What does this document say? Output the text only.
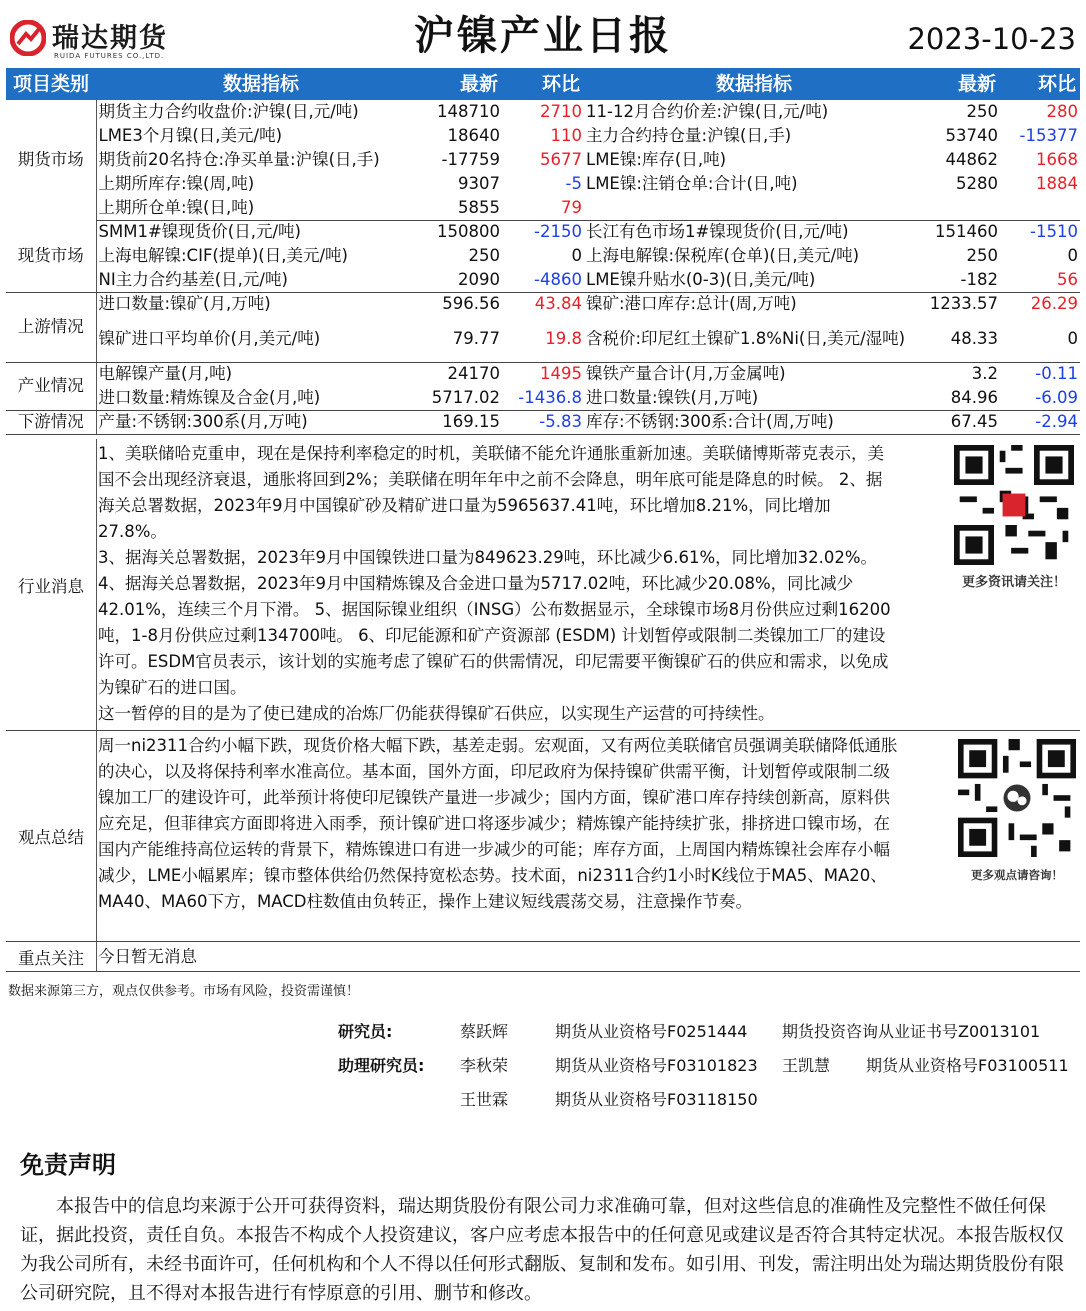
瑞达期货
RUIDA FUTURES CO.,LTD.	沪镍产业日报	2023-10-23
项目类别	数据指标	最新	环比	数据指标	最新	环比
期货市场	期货主力合约收盘价:沪镍(日,元/吨)	148710	2710	11-12月合约价差:沪镍(日,元/吨)	250	280
	LME3个月镍(日,美元/吨)	18640	110	主力合约持仓量:沪镍(日,手)	53740	-15377
	期货前20名持仓:净买单量:沪镍(日,手)	-17759	5677	LME镍:库存(日,吨)	44862	1668
	上期所库存:镍(周,吨)	9307	-5	LME镍:注销仓单:合计(日,吨)	5280	1884
	上期所仓单:镍(日,吨)	5855	79			
现货市场	SMM1#镍现货价(日,元/吨)	150800	-2150	长江有色市场1#镍现货价(日,元/吨)	151460	-1510
	上海电解镍:CIF(提单)(日,美元/吨)	250	0	上海电解镍:保税库(仓单)(日,美元/吨)	250	0
	NI主力合约基差(日,元/吨)	2090	-4860	LME镍升贴水(0-3)(日,美元/吨)	-182	56
上游情况	进口数量:镍矿(月,万吨)	596.56	43.84	镍矿:港口库存:总计(周,万吨)	1233.57	26.29
	镍矿进口平均单价(月,美元/吨)	79.77	19.8	含税价:印尼红土镍矿1.8%Ni(日,美元/湿吨)	48.33	0
产业情况	电解镍产量(月,吨)	24170	1495	镍铁产量合计(月,万金属吨)	3.2	-0.11
	进口数量:精炼镍及合金(月,吨)	5717.02	-1436.8	进口数量:镍铁(月,万吨)	84.96	-6.09
下游情况	产量:不锈钢:300系(月,万吨)	169.15	-5.83	库存:不锈钢:300系:合计(周,万吨)	67.45	-2.94
行业消息

1、美联储哈克重申，现在是保持利率稳定的时机，美联储不能允许通胀重新加速。美联储博斯蒂克表示，美国不会出现经济衰退，通胀将回到2%；美联储在明年年中之前不会降息，明年底可能是降息的时候。 2、据海关总署数据，2023年9月中国镍矿砂及精矿进口量为5965637.41吨，环比增加8.21%，同比增加27.8%。

3、据海关总署数据，2023年9月中国镍铁进口量为849623.29吨，环比减少6.61%，同比增加32.02%。 4、据海关总署数据，2023年9月中国精炼镍及合金进口量为5717.02吨，环比减少20.08%，同比减少42.01%，连续三个月下滑。 5、据国际镍业组织（INSG）公布数据显示，全球镍市场8月份供应过剩16200吨，1-8月份供应过剩134700吨。 6、印尼能源和矿产资源部 (ESDM) 计划暂停或限制二类镍加工厂的建设许可。ESDM官员表示，该计划的实施考虑了镍矿石的供需情况，印尼需要平衡镍矿石的供应和需求，以免成为镍矿石的进口国。

这一暂停的目的是为了使已建成的冶炼厂仍能获得镍矿石供应，以实现生产运营的可持续性。

更多资讯请关注！
观点总结
周一ni2311合约小幅下跌，现货价格大幅下跌，基差走弱。宏观面，又有两位美联储官员强调美联储降低通胀的决心，以及将保持利率水准高位。基本面，国外方面，印尼政府为保持镍矿供需平衡，计划暂停或限制二级镍加工厂的建设许可，此举预计将使印尼镍铁产量进一步减少；国内方面，镍矿港口库存持续创新高，原料供应充足，但菲律宾方面即将进入雨季，预计镍矿进口将逐步减少；精炼镍产能持续扩张，排挤进口镍市场，在国内产能维持高位运转的背景下，精炼镍进口有进一步减少的可能；库存方面，上周国内精炼镍社会库存小幅减少，LME小幅累库；镍市整体供给仍然保持宽松态势。技术面，ni2311合约1小时K线位于MA5、MA20、MA40、MA60下方，MACD柱数值由负转正，操作上建议短线震荡交易，注意操作节奏。
更多观点请咨询！
重点关注 今日暂无消息
数据来源第三方，观点仅供参考。市场有风险，投资需谨慎！
研究员:	蔡跃辉	期货从业资格号F0251444 期货投资咨询从业证书号Z0013101
助理研究员: 李秋荣	期货从业资格号F03101823 王凯慧 期货从业资格号F03100511
王世霖	期货从业资格号F03118150
免责声明
本报告中的信息均来源于公开可获得资料，瑞达期货股份有限公司力求准确可靠，但对这些信息的准确性及完整性不做任何保证，据此投资，责任自负。本报告不构成个人投资建议，客户应考虑本报告中的任何意见或建议是否符合其特定状况。本报告版权仅为我公司所有，未经书面许可，任何机构和个人不得以任何形式翻版、复制和发布。如引用、刊发，需注明出处为瑞达期货股份有限公司研究院，且不得对本报告进行有悖原意的引用、删节和修改。
